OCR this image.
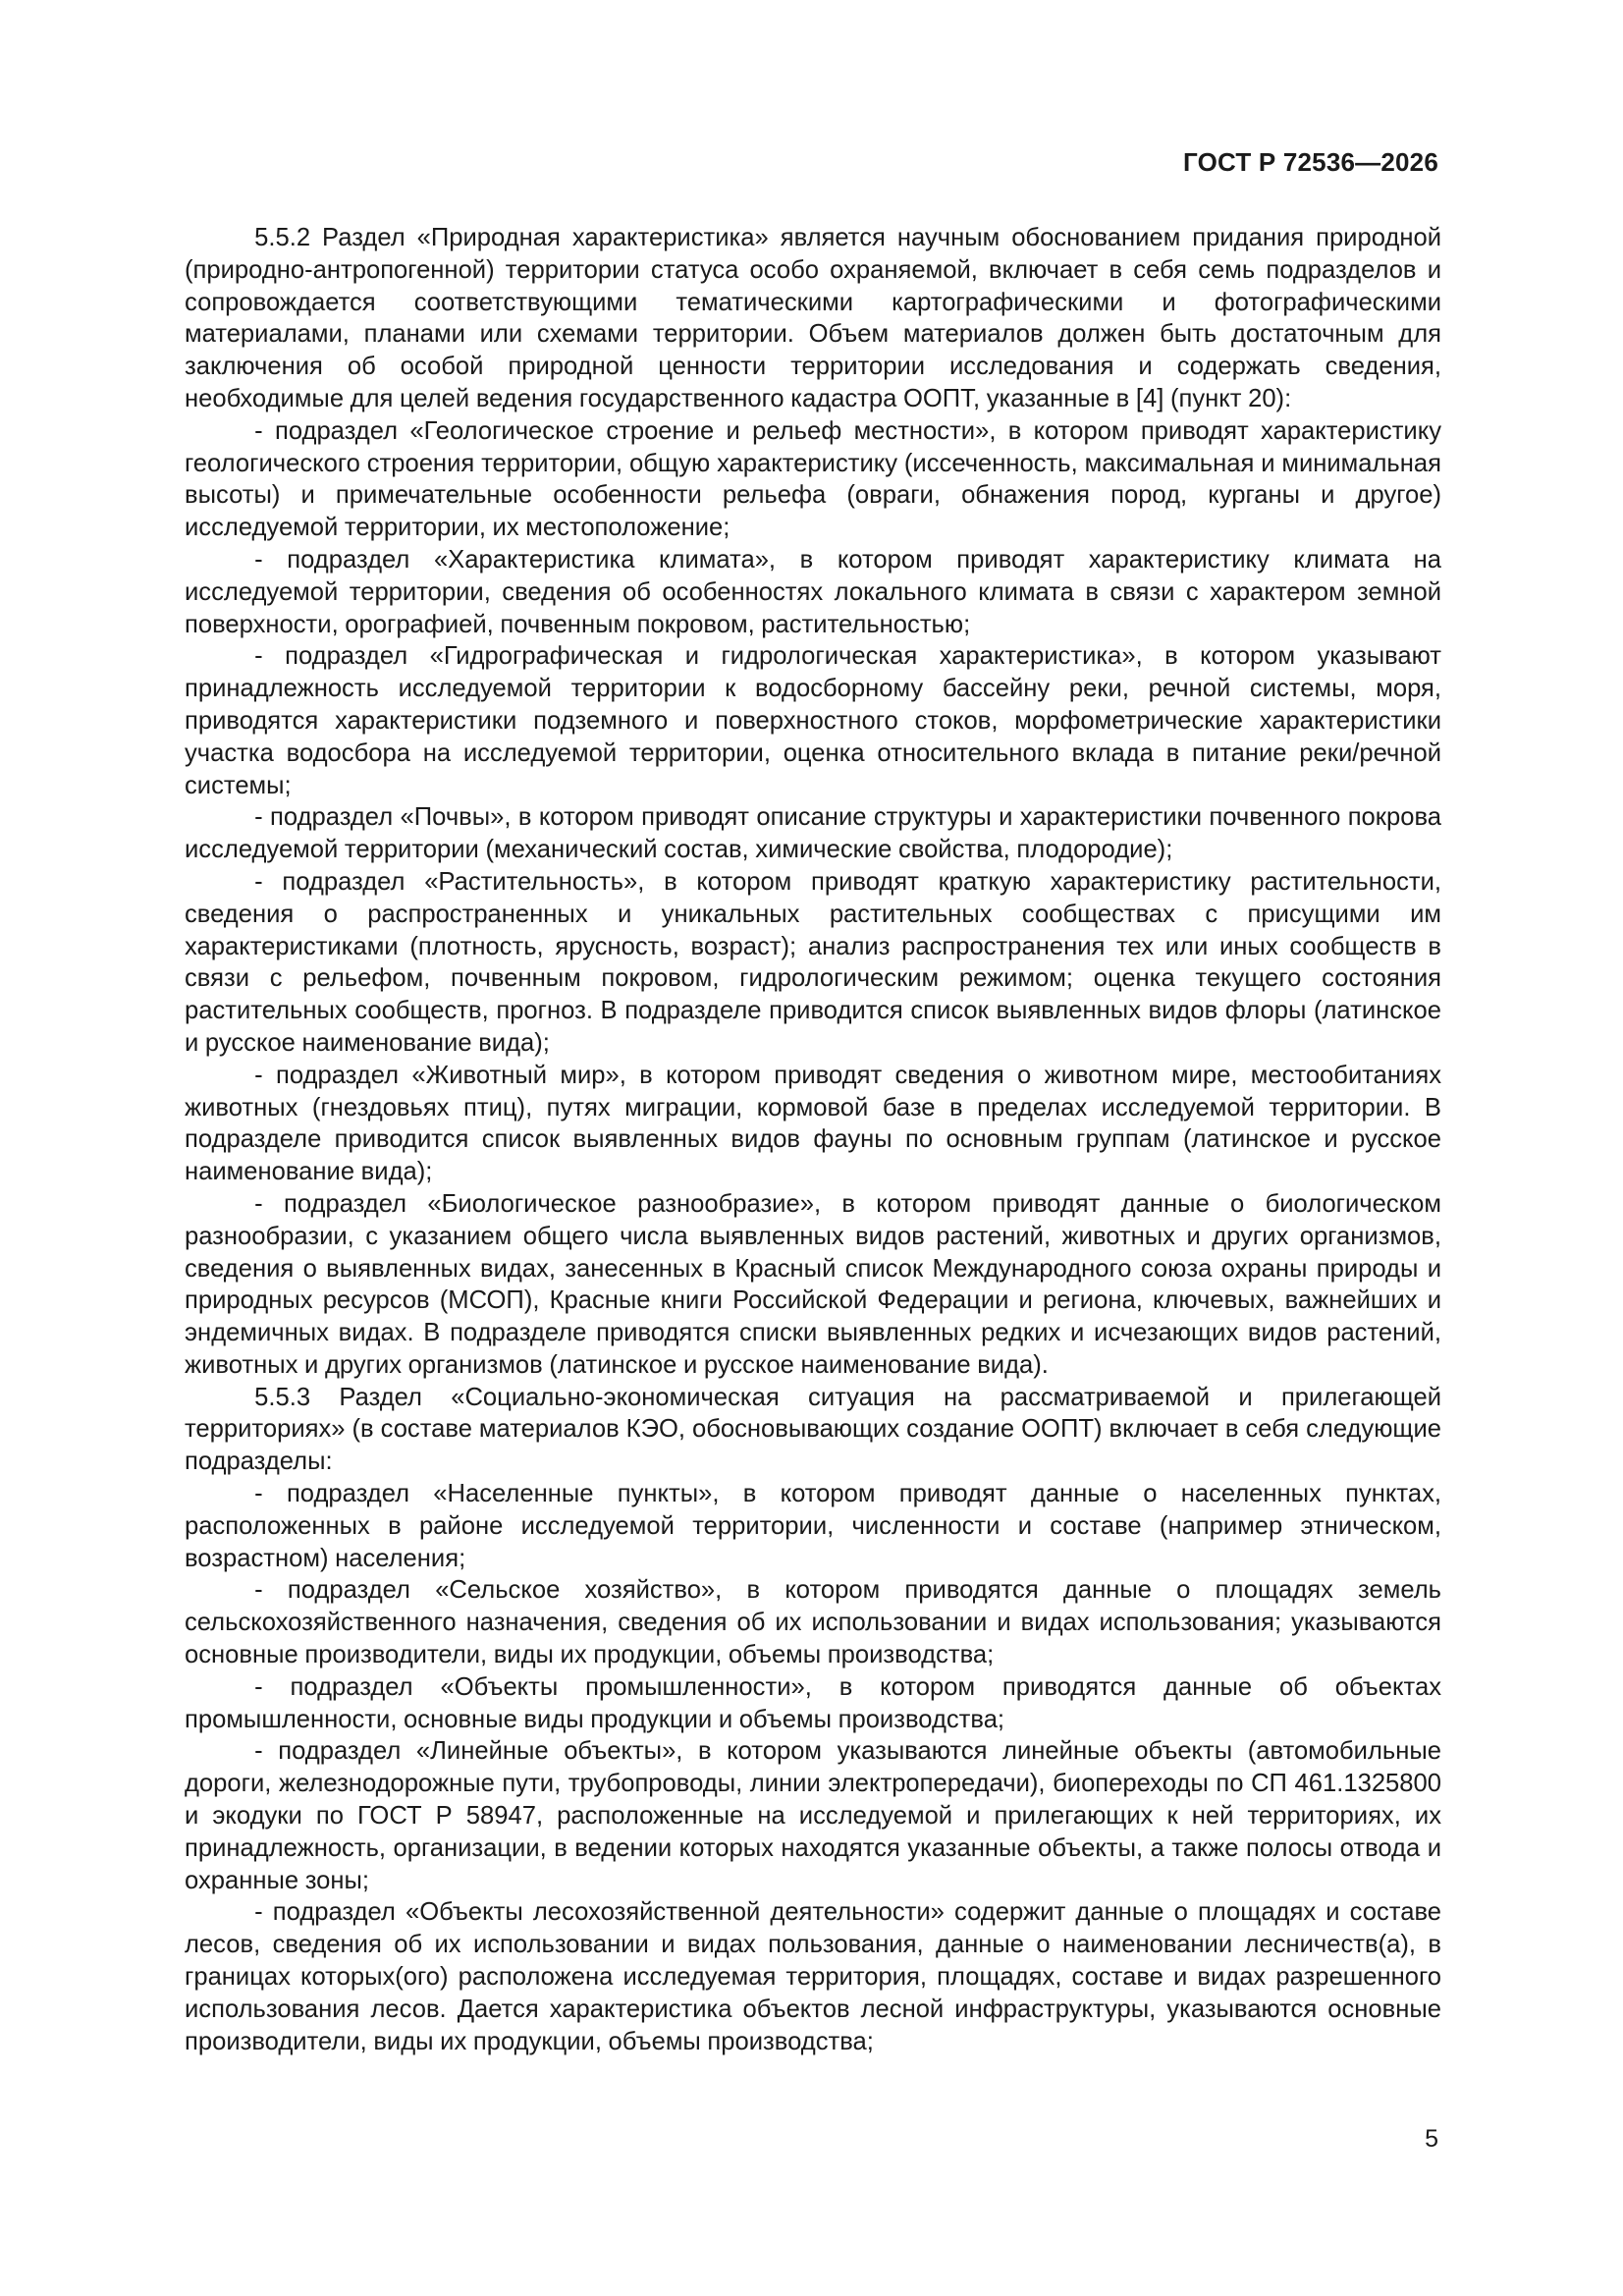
ГОСТ Р 72536—2026

5.5.2 Раздел «Природная характеристика» является научным обоснованием придания природной (природно-антропогенной) территории статуса особо охраняемой, включает в себя семь подразделов и сопровождается соответствующими тематическими картографическими и фотографическими материалами, планами или схемами территории. Объем материалов должен быть достаточным для заключения об особой природной ценности территории исследования и содержать сведения, необходимые для целей ведения государственного кадастра ООПТ, указанные в [4] (пункт 20):

- подраздел «Геологическое строение и рельеф местности», в котором приводят характеристику геологического строения территории, общую характеристику (иссеченность, максимальная и минимальная высоты) и примечательные особенности рельефа (овраги, обнажения пород, курганы и другое) исследуемой территории, их местоположение;

- подраздел «Характеристика климата», в котором приводят характеристику климата на исследуемой территории, сведения об особенностях локального климата в связи с характером земной поверхности, орографией, почвенным покровом, растительностью;

- подраздел «Гидрографическая и гидрологическая характеристика», в котором указывают принадлежность исследуемой территории к водосборному бассейну реки, речной системы, моря, приводятся характеристики подземного и поверхностного стоков, морфометрические характеристики участка водосбора на исследуемой территории, оценка относительного вклада в питание реки/речной системы;

- подраздел «Почвы», в котором приводят описание структуры и характеристики почвенного покрова исследуемой территории (механический состав, химические свойства, плодородие);

- подраздел «Растительность», в котором приводят краткую характеристику растительности, сведения о распространенных и уникальных растительных сообществах с присущими им характеристиками (плотность, ярусность, возраст); анализ распространения тех или иных сообществ в связи с рельефом, почвенным покровом, гидрологическим режимом; оценка текущего состояния растительных сообществ, прогноз. В подразделе приводится список выявленных видов флоры (латинское и русское наименование вида);

- подраздел «Животный мир», в котором приводят сведения о животном мире, местообитаниях животных (гнездовьях птиц), путях миграции, кормовой базе в пределах исследуемой территории. В подразделе приводится список выявленных видов фауны по основным группам (латинское и русское наименование вида);

- подраздел «Биологическое разнообразие», в котором приводят данные о биологическом разнообразии, с указанием общего числа выявленных видов растений, животных и других организмов, сведения о выявленных видах, занесенных в Красный список Международного союза охраны природы и природных ресурсов (МСОП), Красные книги Российской Федерации и региона, ключевых, важнейших и эндемичных видах. В подразделе приводятся списки выявленных редких и исчезающих видов растений, животных и других организмов (латинское и русское наименование вида).

5.5.3 Раздел «Социально-экономическая ситуация на рассматриваемой и прилегающей территориях» (в составе материалов КЭО, обосновывающих создание ООПТ) включает в себя следующие подразделы:

- подраздел «Населенные пункты», в котором приводят данные о населенных пунктах, расположенных в районе исследуемой территории, численности и составе (например этническом, возрастном) населения;

- подраздел «Сельское хозяйство», в котором приводятся данные о площадях земель сельскохозяйственного назначения, сведения об их использовании и видах использования; указываются основные производители, виды их продукции, объемы производства;

- подраздел «Объекты промышленности», в котором приводятся данные об объектах промышленности, основные виды продукции и объемы производства;

- подраздел «Линейные объекты», в котором указываются линейные объекты (автомобильные дороги, железнодорожные пути, трубопроводы, линии электропередачи), биопереходы по СП 461.1325800 и экодуки по ГОСТ Р 58947, расположенные на исследуемой и прилегающих к ней территориях, их принадлежность, организации, в ведении которых находятся указанные объекты, а также полосы отвода и охранные зоны;

- подраздел «Объекты лесохозяйственной деятельности» содержит данные о площадях и составе лесов, сведения об их использовании и видах пользования, данные о наименовании лесничеств(а), в границах которых(ого) расположена исследуемая территория, площадях, составе и видах разрешенного использования лесов. Дается характеристика объектов лесной инфраструктуры, указываются основные производители, виды их продукции, объемы производства;

5
